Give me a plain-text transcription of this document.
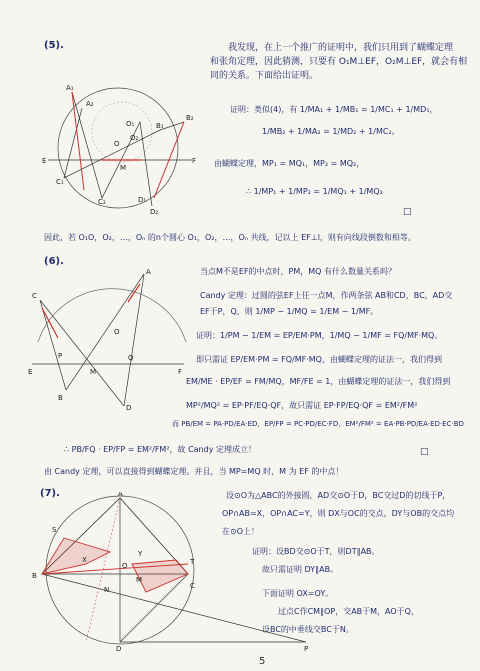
(5).	我发现，在上一个推广的证明中，我们只用到了蝴蝶定理
和张角定理，因此猜测，只要有 O₁M⊥EF，O₂M⊥EF，就会有相
同的关系。下面给出证明。
证明：类似(4)，有 1/MA₁ + 1/MB₁ = 1/MC₁ + 1/MD₁，
1/MB₂ + 1/MA₂ = 1/MD₂ + 1/MC₂。
由蝴蝶定理，MP₁ = MQ₁，MP₂ = MQ₂，
∴ 1/MP₁ + 1/MP₂ = 1/MQ₁ + 1/MQ₂
□
因此，若 O₁O，O₂，…，Oₙ 的n个圆心 O₁，O₂，…，Oₙ 共线，记以上 EF⊥l，则有向线段倒数和相等。
A₁
A₂
B₁
B₂
C₁
C₂	D₁
D₂
E	F
M
O₁
O₂
O
(6).
当点M不是EF的中点时，PM，MQ 有什么数量关系吗？
Candy 定理：过圆的弦EF上任一点M，作两条弦 AB和CD，BC，AD交
EF于P，Q，则 1/MP − 1/MQ = 1/EM − 1/MF。
证明：1/PM − 1/EM = EP/EM·PM，1/MQ − 1/MF = FQ/MF·MQ。
即只需证 EP/EM·PM = FQ/MF·MQ，由蝴蝶定理的证法一，我们得到
EM/ME · EP/EF = FM/MQ，MF/FE = 1，由蝴蝶定理的证法一，我们得到
MP²/MQ² = EP·PF/EQ·QF，故只需证 EP·FP/EQ·QF = EM²/FM²
而 PB/EM = PA·PD/EA·ED，EP/FP = PC·PD/EC·FD，EM²/FM² = EA·PB·PD/EA·ED·EC·BD
∴ PB/FQ · EP/FP = EM²/FM²，故 Candy 定理成立！	□
由 Candy 定理，可以直接得到蝴蝶定理。并且，当 MP=MQ 时，M 为 EF 的中点！
A
B
C
D
E	F
M
P	Q
O
(7).	设⊙O为△ABC的外接圆，AD交⊙O于D，BC交过D的切线于P，
OP∩AB=X，OP∩AC=Y，则 DX与OC的交点，DY与OB的交点均
在⊙O上！
证明：设BD交⊙O于T，则DT∥AB。
故只需证明 DY∥AB。
下面证明 OX=OY。
过点C作CM∥OP，交AB于M，AO于Q，
设BC的中垂线交BC于N。
A
B
C
D	P
S
T
X
Y
N
M
O
5
